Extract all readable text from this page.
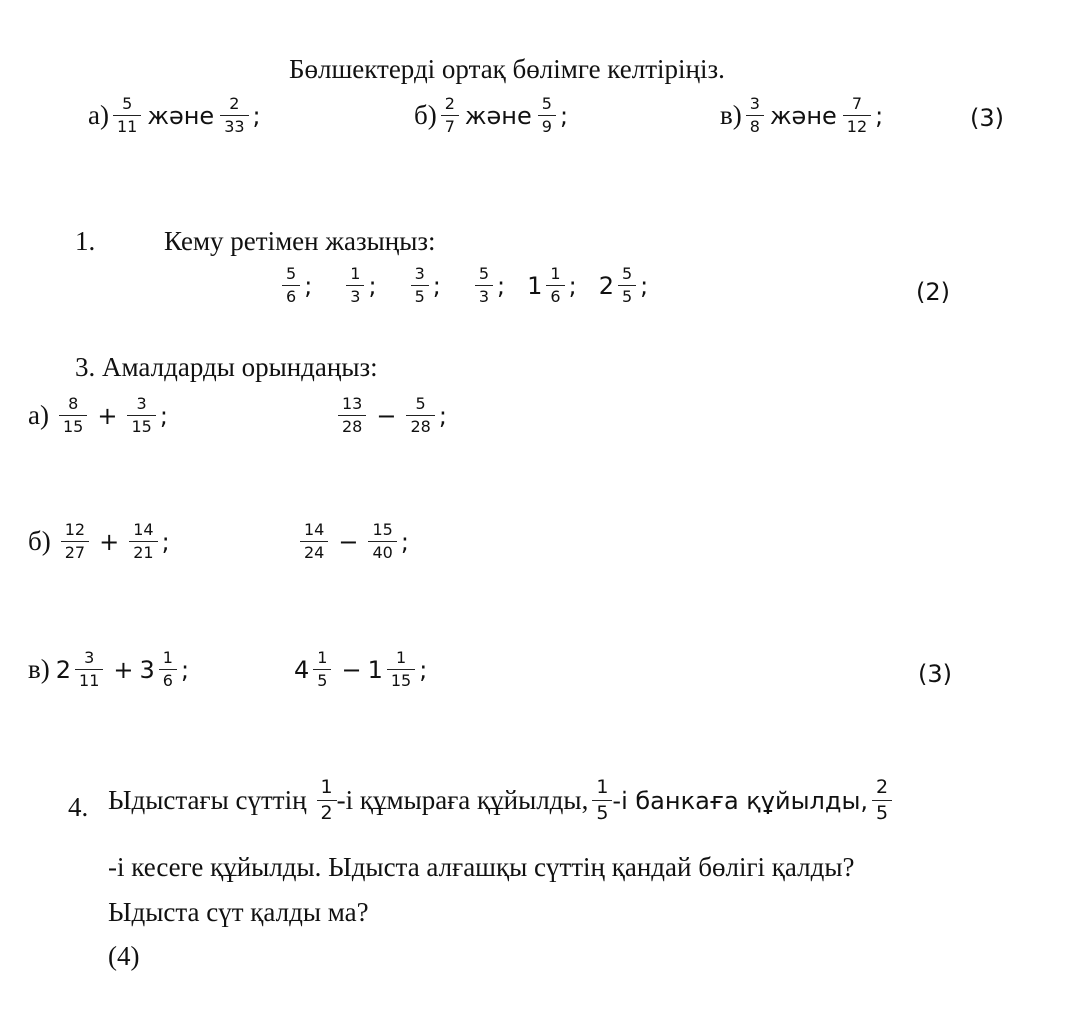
Бөлшектерді ортақ бөлімге келтіріңіз.
$а) \frac{5}{11}$ және $\frac{2}{33}$ ;	$б) \frac{2}{7}$ және $\frac{5}{9}$ ;	$в) \frac{3}{8}$ және $\frac{7}{12}$ ;	(3)
1.	Кему ретімен жазыңыз:
$\frac{5}{6}$ ; $\frac{1}{3}$ ; $\frac{3}{5}$ ; $\frac{5}{3}$ ; $1 \frac{1}{6}$ ; $2 \frac{5}{5}$ ;	(2)
3. Амалдарды орындаңыз:
$а) \frac{8}{15} + \frac{3}{15}$ ;	$\frac{13}{28} - \frac{5}{28}$ ;
$б) \frac{12}{27} + \frac{14}{21}$ ;	$\frac{14}{24} - \frac{15}{40}$ ;
в) $2 \frac{3}{11} + 3 \frac{1}{6}$ ;	$4 \frac{1}{5} - 1 \frac{1}{15}$ ;	(3)
4. Ыдыстағы сүттің $\frac{1}{2} -і$ құмыраға құйылды, $\frac{1}{5} -і$ банкаға құйылды, $\frac{2}{5}$
-і кесеге құйылды. Ыдыста алғашқы сүттің қандай бөлігі қалды?
Ыдыста сүт қалды ма?
(4)
